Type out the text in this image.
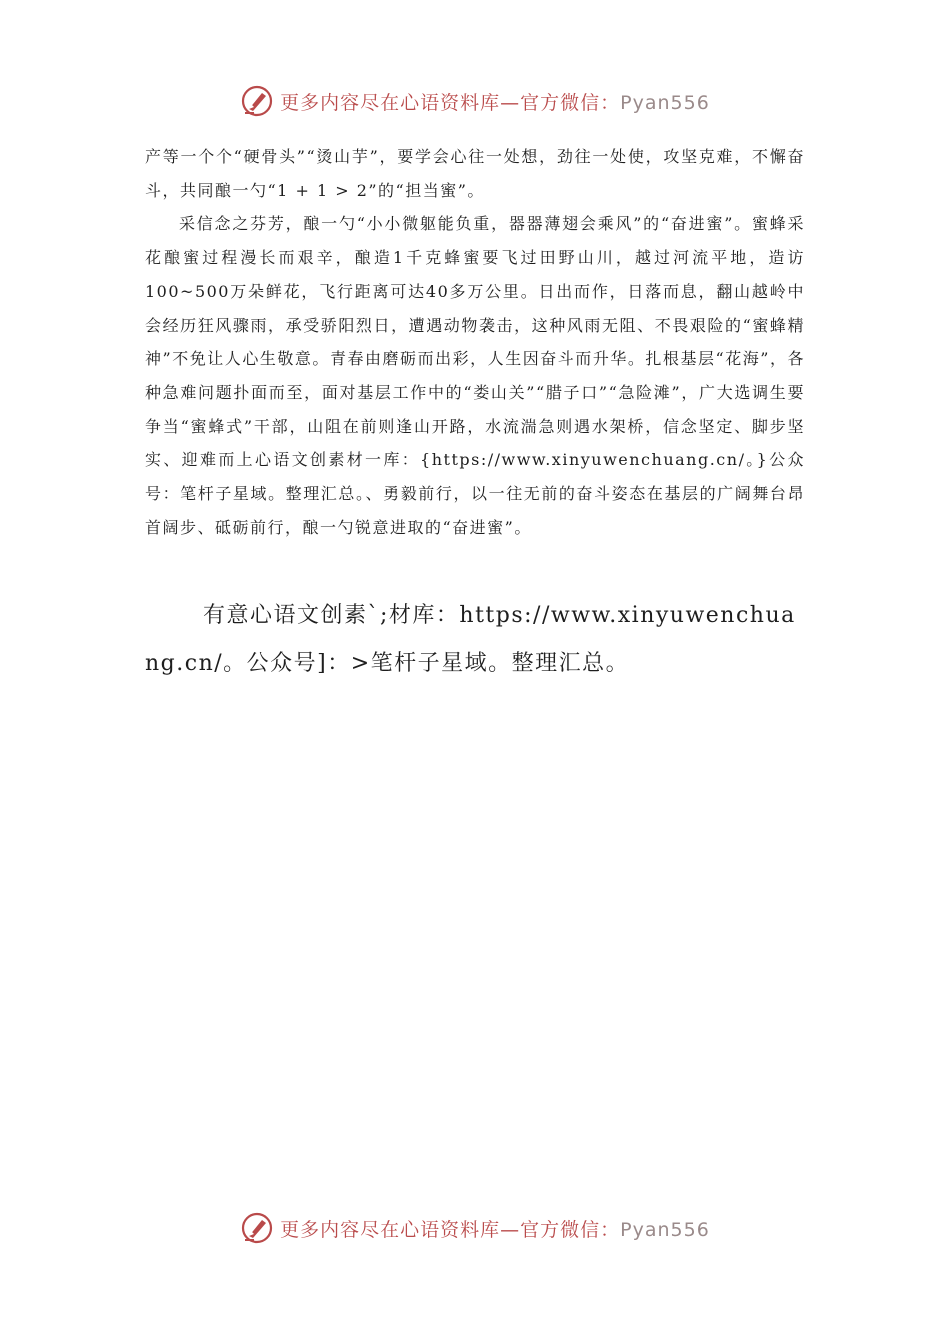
更多内容尽在心语资料库—官方微信：Pyan556

产等一个个“硬骨头”“烫山芋”，要学会心往一处想，劲往一处使，攻坚克难，不懈奋斗，共同酿一勺“1 + 1 > 2”的“担当蜜”。

采信念之芬芳，酿一勺“小小微躯能负重，器器薄翅会乘风”的“奋进蜜”。蜜蜂采花酿蜜过程漫长而艰辛，酿造1千克蜂蜜要飞过田野山川，越过河流平地，造访100~500万朵鲜花，飞行距离可达40多万公里。日出而作，日落而息，翻山越岭中会经历狂风骤雨，承受骄阳烈日，遭遇动物袭击，这种风雨无阻、不畏艰险的“蜜蜂精神”不免让人心生敬意。青春由磨砺而出彩，人生因奋斗而升华。扎根基层“花海”，各种急难问题扑面而至，面对基层工作中的“娄山关”“腊子口”“急险滩”，广大选调生要争当“蜜蜂式”干部，山阻在前则逢山开路，水流湍急则遇水架桥，信念坚定、脚步坚实、迎难而上心语文创素材一库：{https://www.xinyuwenchuang.cn/。}公众号：笔杆子星域。整理汇总。、勇毅前行，以一往无前的奋斗姿态在基层的广阔舞台昂首阔步、砥砺前行，酿一勺锐意进取的“奋进蜜”。

有意心语文创素`;材库：https://www.xinyuwenchuang.cn/。公众号]：>笔杆子星域。整理汇总。

更多内容尽在心语资料库—官方微信：Pyan556
